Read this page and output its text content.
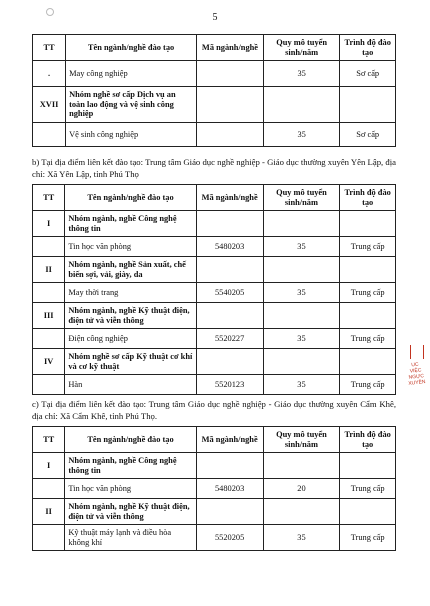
5
TT	Tên ngành/nghề đào tạo	Mã ngành/nghề	Quy mô tuyển sinh/năm	Trình độ đào tạo
.	May công nghiệp		35	Sơ cấp
XVII	Nhóm nghề sơ cấp Dịch vụ an toàn lao động và vệ sinh công nghiệp			
	Vệ sinh công nghiệp		35	Sơ cấp
b) Tại địa điểm liên kết đào tạo: Trung tâm Giáo dục nghề nghiệp - Giáo dục thường xuyên Yên Lập, địa chỉ: Xã Yên Lập, tỉnh Phú Thọ
TT	Tên ngành/nghề đào tạo	Mã ngành/nghề	Quy mô tuyển sinh/năm	Trình độ đào tạo
I	Nhóm ngành, nghề Công nghệ thông tin			
	Tin học văn phòng	5480203	35	Trung cấp
II	Nhóm ngành, nghề Sản xuất, chế biến sợi, vải, giày, da			
	May thời trang	5540205	35	Trung cấp
III	Nhóm ngành, nghề Kỹ thuật điện, điện tử và viễn thông			
	Điện công nghiệp	5520227	35	Trung cấp
IV	Nhóm nghề sơ cấp Kỹ thuật cơ khí và cơ kỹ thuật			
	Hàn	5520123	35	Trung cấp
c) Tại địa điểm liên kết đào tạo: Trung tâm Giáo dục nghề nghiệp - Giáo dục thường xuyên Cẩm Khê, địa chỉ: Xã Cẩm Khê, tỉnh Phú Thọ.
TT	Tên ngành/nghề đào tạo	Mã ngành/nghề	Quy mô tuyển sinh/năm	Trình độ đào tạo
I	Nhóm ngành, nghề Công nghệ thông tin			
	Tin học văn phòng	5480203	20	Trung cấp
II	Nhóm ngành, nghề Kỹ thuật điện, điện tử và viễn thông			
	Kỹ thuật máy lạnh và điều hòa không khí	5520205	35	Trung cấp
UC VIỆC NGỰC XUYÊN
